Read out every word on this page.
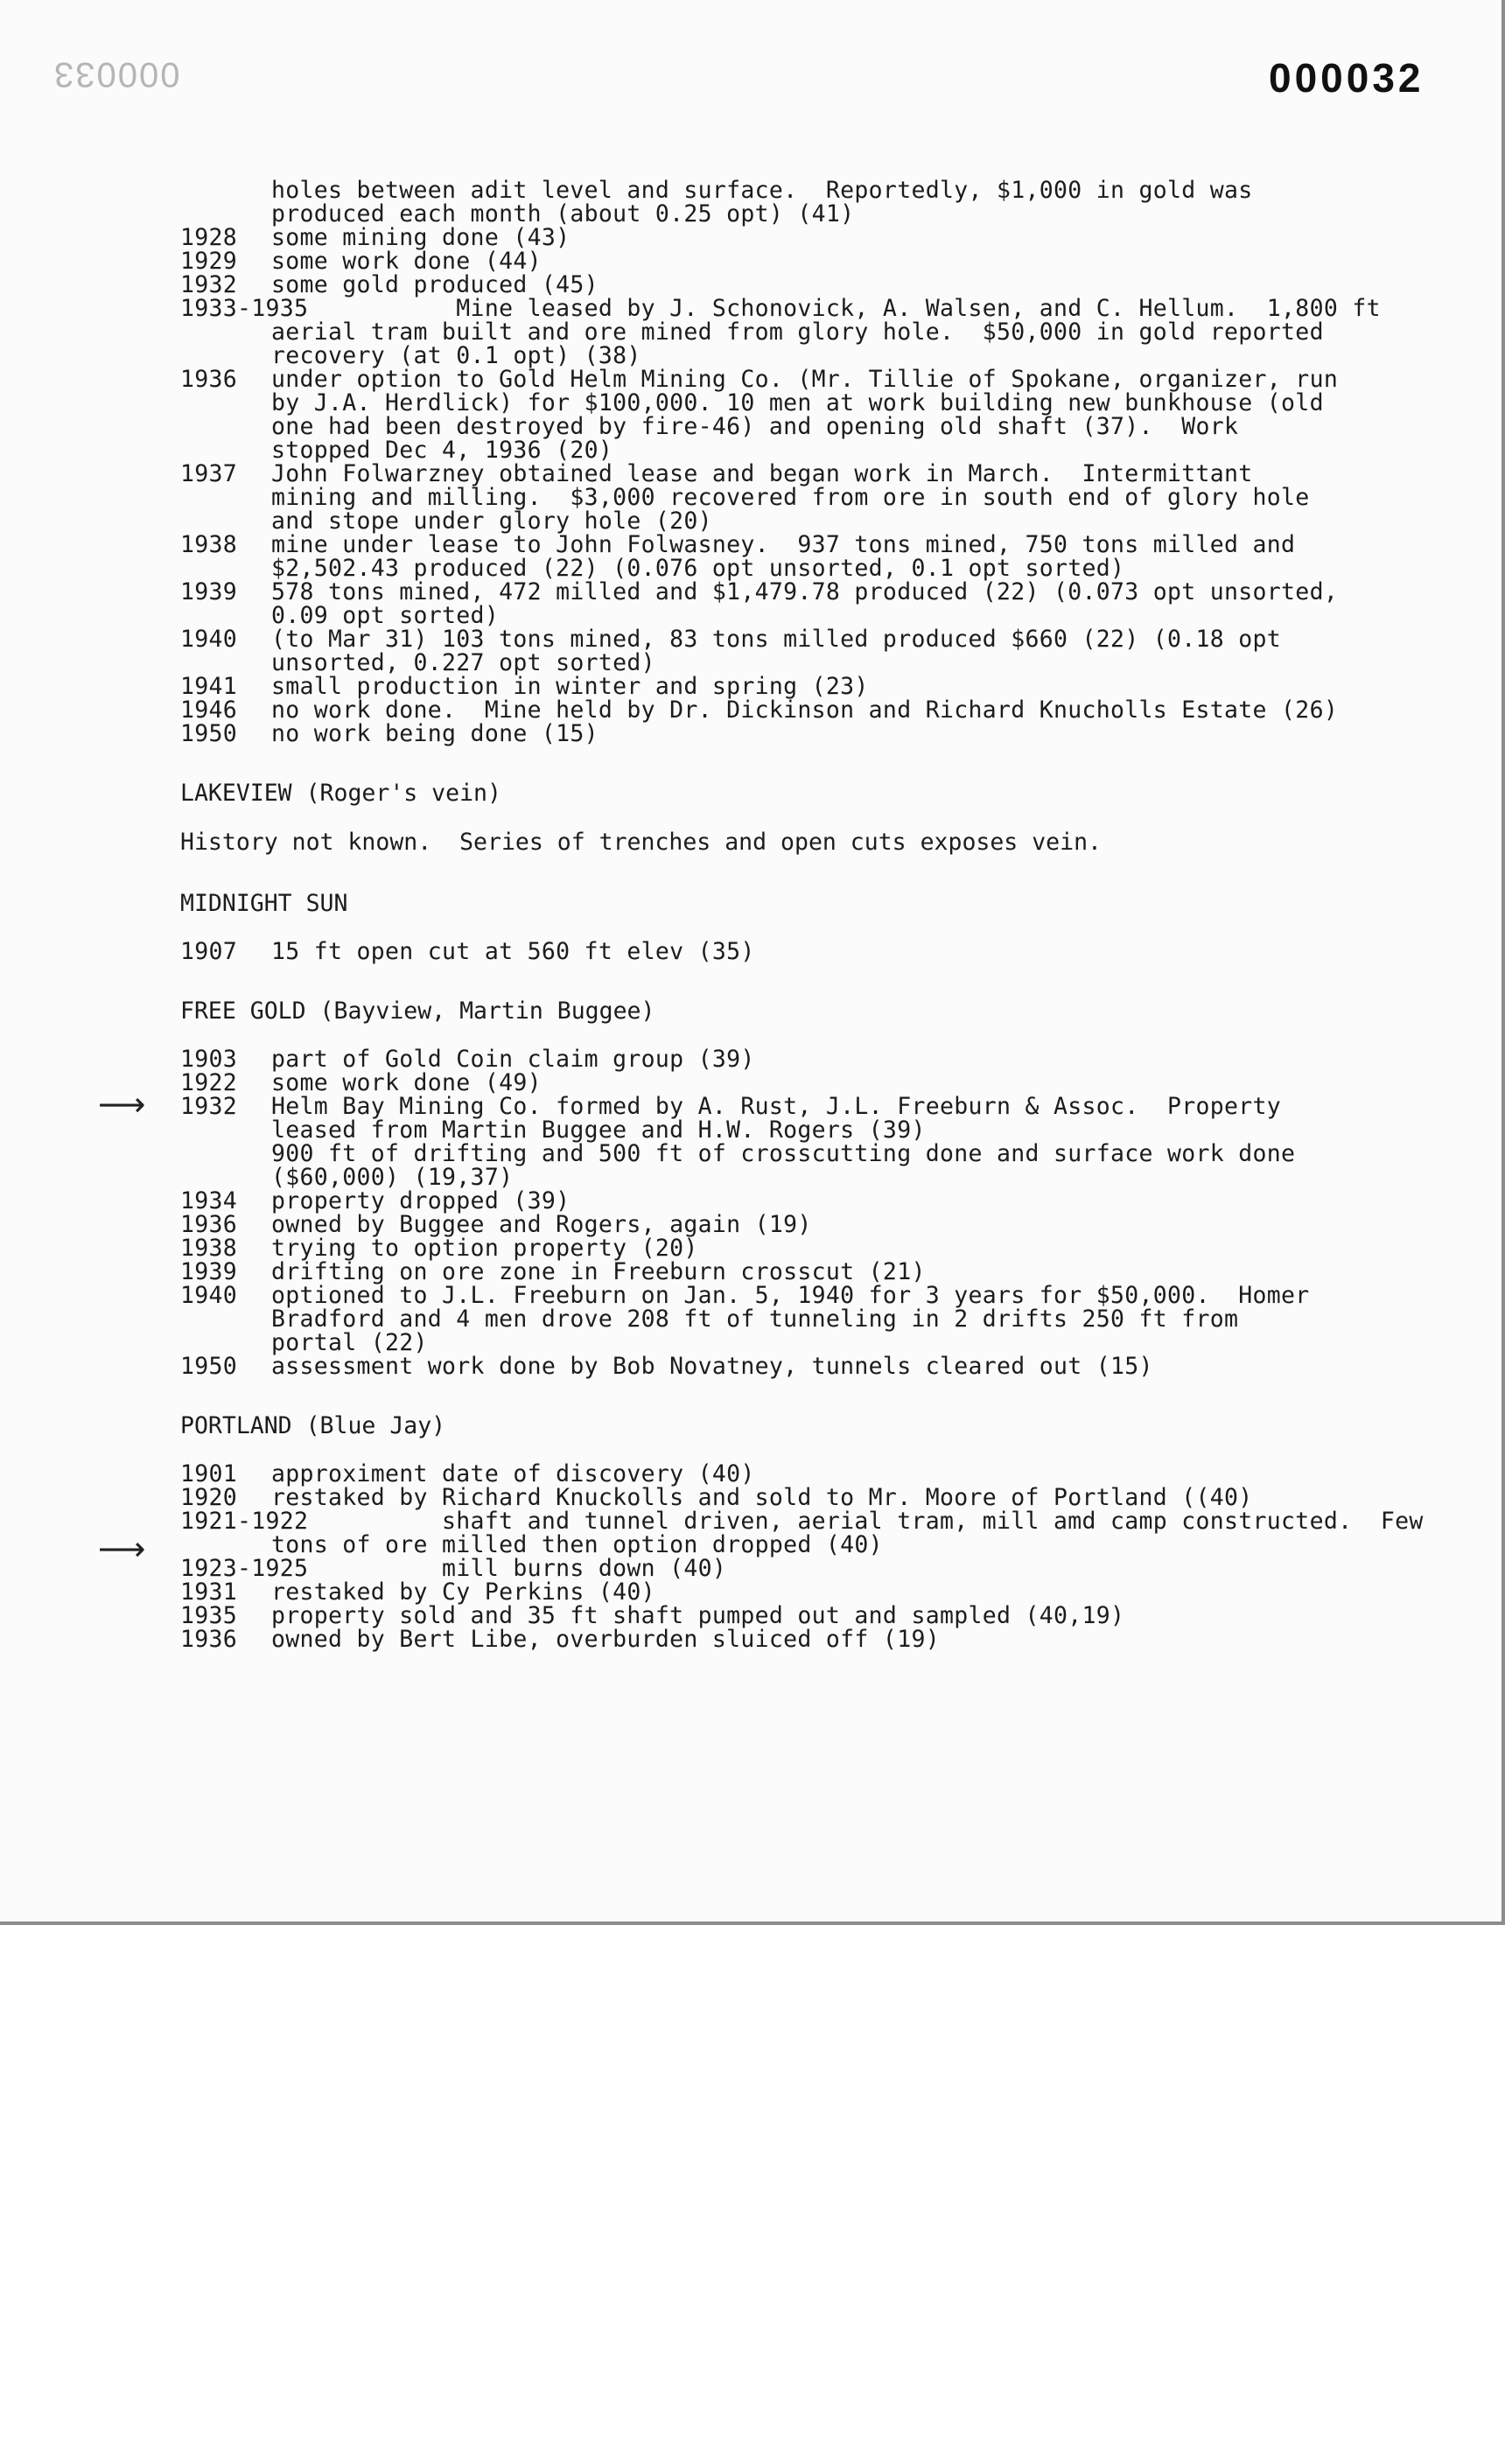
000033	000032
⟶
⟶
holes between adit level and surface.  Reportedly, $1,000 in gold was
produced each month (about 0.25 opt) (41)
1928 some mining done (43)
1929 some work done (44)
1932 some gold produced (45)
1933-1935
Mine leased by J. Schonovick, A. Walsen, and C. Hellum.  1,800 ft
aerial tram built and ore mined from glory hole.  $50,000 in gold reported
recovery (at 0.1 opt) (38)
1936 under option to Gold Helm Mining Co. (Mr. Tillie of Spokane, organizer, run
by J.A. Herdlick) for $100,000. 10 men at work building new bunkhouse (old
one had been destroyed by fire-46) and opening old shaft (37).  Work
stopped Dec 4, 1936 (20)
1937 John Folwarzney obtained lease and began work in March.  Intermittant
mining and milling.  $3,000 recovered from ore in south end of glory hole
and stope under glory hole (20)
1938 mine under lease to John Folwasney.  937 tons mined, 750 tons milled and
$2,502.43 produced (22) (0.076 opt unsorted, 0.1 opt sorted)
1939 578 tons mined, 472 milled and $1,479.78 produced (22) (0.073 opt unsorted,
0.09 opt sorted)
1940 (to Mar 31) 103 tons mined, 83 tons milled produced $660 (22) (0.18 opt
unsorted, 0.227 opt sorted)
1941 small production in winter and spring (23)
1946 no work done.  Mine held by Dr. Dickinson and Richard Knucholls Estate (26)
1950 no work being done (15)
LAKEVIEW (Roger's vein)
History not known.  Series of trenches and open cuts exposes vein.
MIDNIGHT SUN
1907 15 ft open cut at 560 ft elev (35)
FREE GOLD (Bayview, Martin Buggee)
1903 part of Gold Coin claim group (39)
1922 some work done (49)
1932 Helm Bay Mining Co. formed by A. Rust, J.L. Freeburn & Assoc.  Property
leased from Martin Buggee and H.W. Rogers (39)
900 ft of drifting and 500 ft of crosscutting done and surface work done
($60,000) (19,37)
1934 property dropped (39)
1936 owned by Buggee and Rogers, again (19)
1938 trying to option property (20)
1939 drifting on ore zone in Freeburn crosscut (21)
1940 optioned to J.L. Freeburn on Jan. 5, 1940 for 3 years for $50,000.  Homer
Bradford and 4 men drove 208 ft of tunneling in 2 drifts 250 ft from
portal (22)
1950 assessment work done by Bob Novatney, tunnels cleared out (15)
PORTLAND (Blue Jay)
1901 approximent date of discovery (40)
1920 restaked by Richard Knuckolls and sold to Mr. Moore of Portland ((40)
1921-1922
shaft and tunnel driven, aerial tram, mill amd camp constructed.  Few
tons of ore milled then option dropped (40)
1923-1925
mill burns down (40)
1931 restaked by Cy Perkins (40)
1935 property sold and 35 ft shaft pumped out and sampled (40,19)
1936 owned by Bert Libe, overburden sluiced off (19)
